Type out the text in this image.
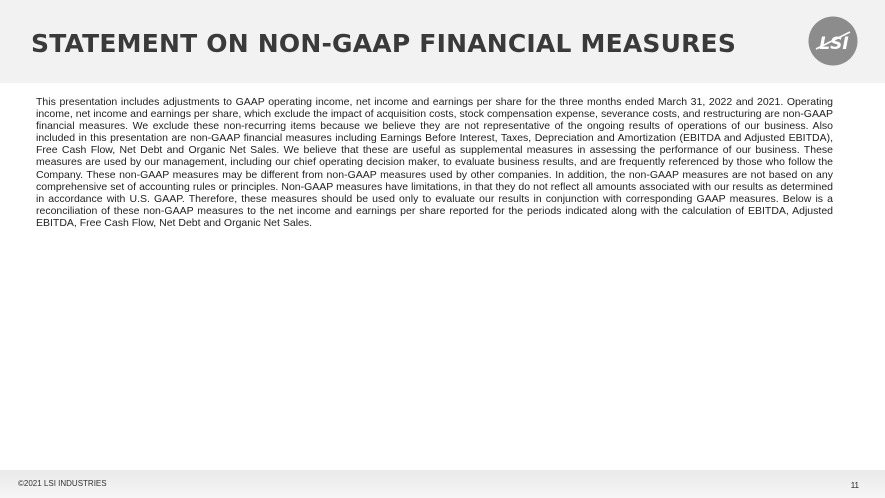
STATEMENT ON NON-GAAP FINANCIAL MEASURES	LSI

This presentation includes adjustments to GAAP operating income, net income and earnings per share for the three months ended March 31, 2022 and 2021. Operating income, net income and earnings per share, which exclude the impact of acquisition costs, stock compensation expense, severance costs, and restructuring are non-GAAP financial measures. We exclude these non-recurring items because we believe they are not representative of the ongoing results of operations of our business. Also included in this presentation are non-GAAP financial measures including Earnings Before Interest, Taxes, Depreciation and Amortization (EBITDA and Adjusted EBITDA), Free Cash Flow, Net Debt and Organic Net Sales. We believe that these are useful as supplemental measures in assessing the performance of our business. These measures are used by our management, including our chief operating decision maker, to evaluate business results, and are frequently referenced by those who follow the Company. These non-GAAP measures may be different from non-GAAP measures used by other companies. In addition, the non-GAAP measures are not based on any comprehensive set of accounting rules or principles. Non-GAAP measures have limitations, in that they do not reflect all amounts associated with our results as determined in accordance with U.S. GAAP. Therefore, these measures should be used only to evaluate our results in conjunction with corresponding GAAP measures. Below is a reconciliation of these non-GAAP measures to the net income and earnings per share reported for the periods indicated along with the calculation of EBITDA, Adjusted EBITDA, Free Cash Flow, Net Debt and Organic Net Sales.

©2021 LSI INDUSTRIES	11
